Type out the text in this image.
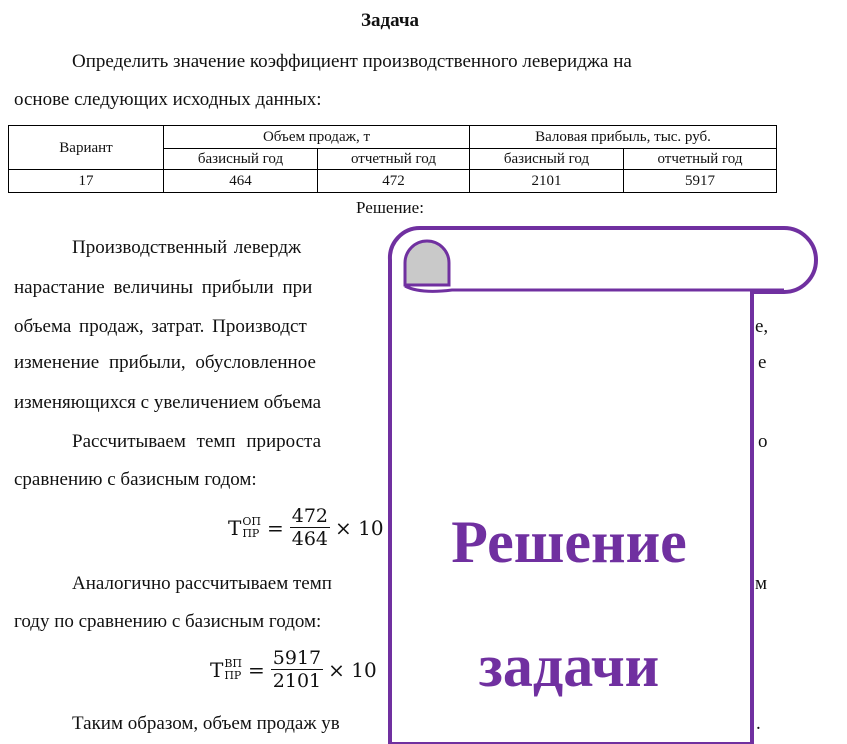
Задача
Определить значение коэффициент производственного левериджа на
основе следующих исходных данных:
Вариант	Объем продаж, т		Валовая прибыль, тыс. руб.	
	базисный год	отчетный год	базисный год	отчетный год
17	464	472	2101	5917
Решение:
Производственный левердж
нарастание величины прибыли при
объема продаж, затрат. Производст
изменение прибыли, обусловленное
изменяющихся с увеличением объема
Рассчитываем темп прироста
сравнению с базисным годом:
е,
е
о
м
.
Т ОП
ПР = $\frac{472}{464} \times 10$
Аналогично рассчитываем темп
году по сравнению с базисным годом:
Т ВП
ПР = $\frac{5917}{2101} \times 10$
Таким образом, объем продаж ув
Решение
задачи
